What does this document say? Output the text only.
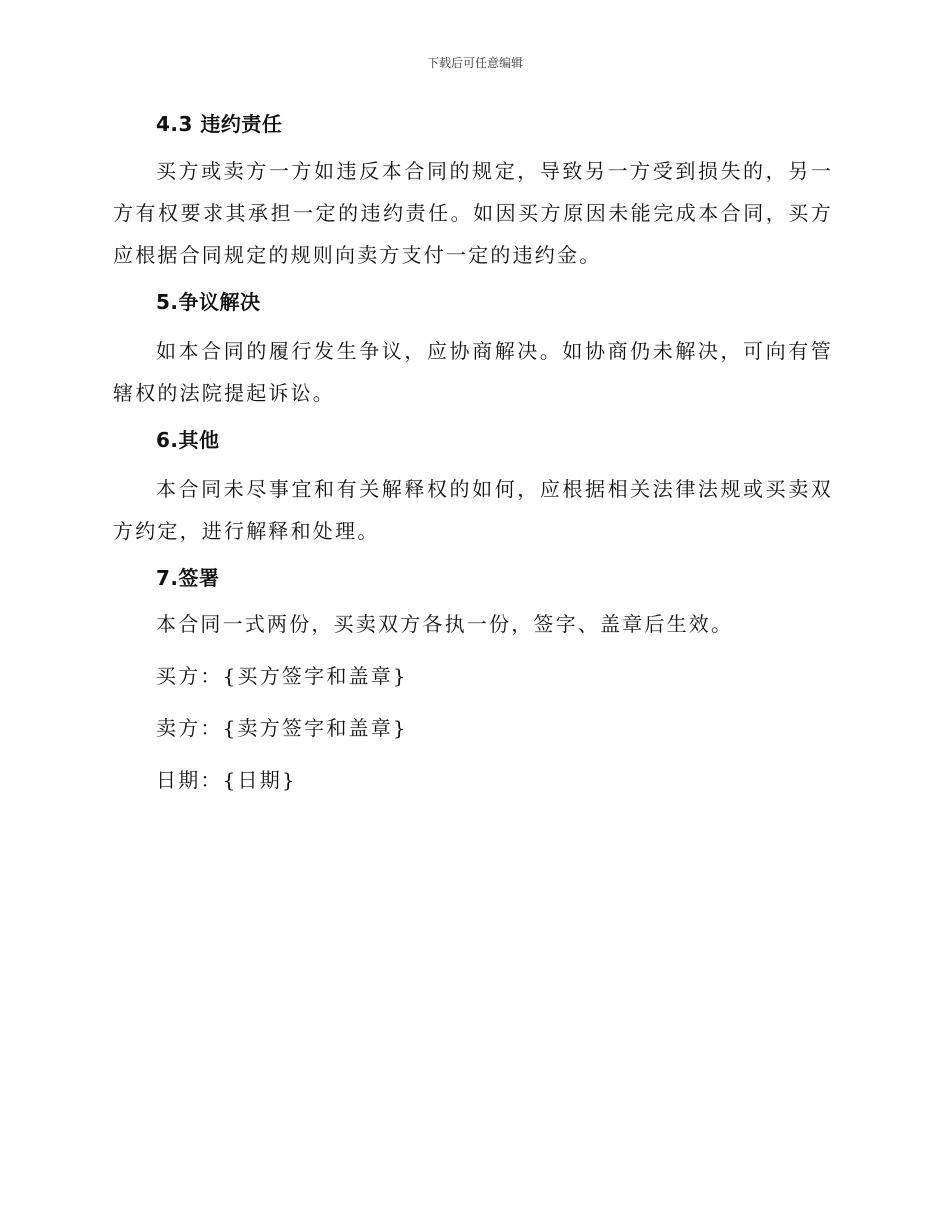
下载后可任意编辑
4.3 违约责任

买方或卖方一方如违反本合同的规定，导致另一方受到损失的，另一方有权要求其承担一定的违约责任。如因买方原因未能完成本合同，买方应根据合同规定的规则向卖方支付一定的违约金。

5.争议解决

如本合同的履行发生争议，应协商解决。如协商仍未解决，可向有管辖权的法院提起诉讼。

6.其他

本合同未尽事宜和有关解释权的如何，应根据相关法律法规或买卖双方约定，进行解释和处理。

7.签署

本合同一式两份，买卖双方各执一份，签字、盖章后生效。

买方：{买方签字和盖章}

卖方：{卖方签字和盖章}

日期：{日期}
